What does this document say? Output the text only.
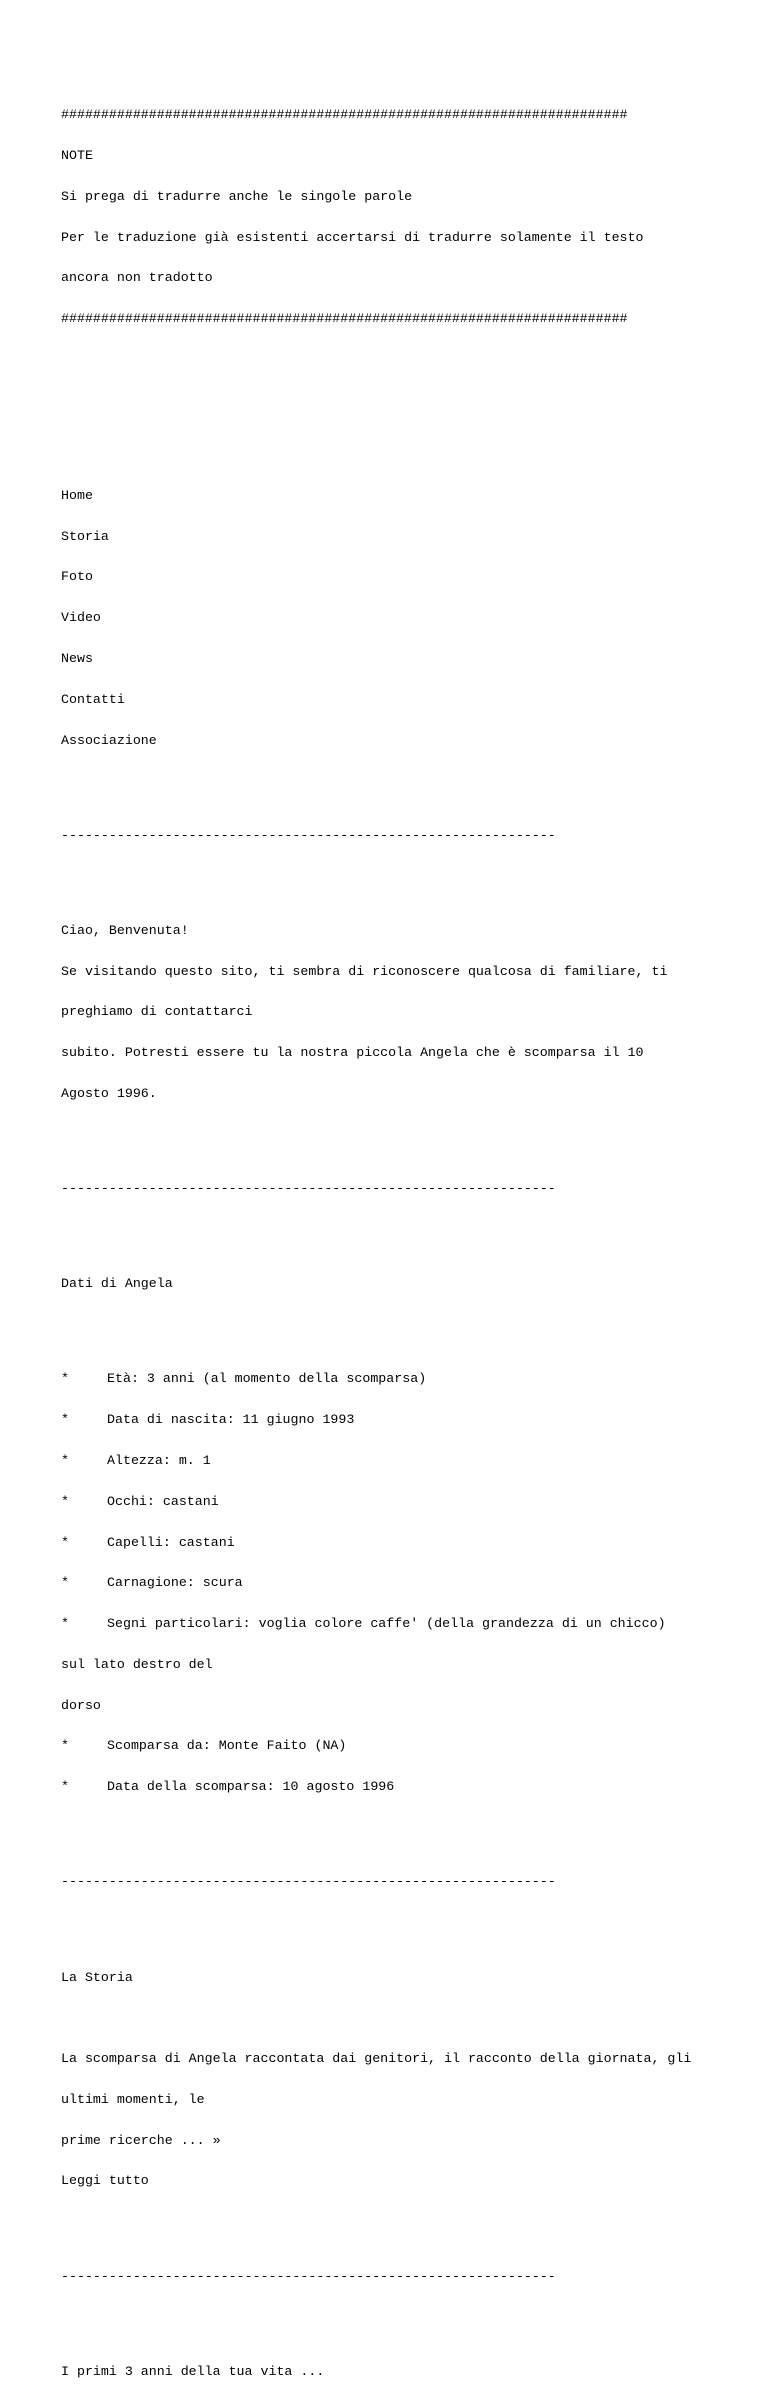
#######################################################################

NOTE

Si prega di tradurre anche le singole parole

Per le traduzione già esistenti accertarsi di tradurre solamente il testo

ancora non tradotto

#######################################################################

Home

Storia

Foto

Video

News

Contatti

Associazione

--------------------------------------------------------------

Ciao, Benvenuta!

Se visitando questo sito, ti sembra di riconoscere qualcosa di familiare, ti

preghiamo di contattarci

subito. Potresti essere tu la nostra piccola Angela che è scomparsa il 10

Agosto 1996.

--------------------------------------------------------------

Dati di Angela

*	Età: 3 anni (al momento della scomparsa)

*	Data di nascita: 11 giugno 1993

*	Altezza: m. 1

*	Occhi: castani

*	Capelli: castani

*	Carnagione: scura

*	Segni particolari: voglia colore caffe' (della grandezza di un chicco)

sul lato destro del

dorso

*	Scomparsa da: Monte Faito (NA)

*	Data della scomparsa: 10 agosto 1996

--------------------------------------------------------------

La Storia

La scomparsa di Angela raccontata dai genitori, il racconto della giornata, gli

ultimi momenti, le

prime ricerche ... »

Leggi tutto

--------------------------------------------------------------

I primi 3 anni della tua vita ...
